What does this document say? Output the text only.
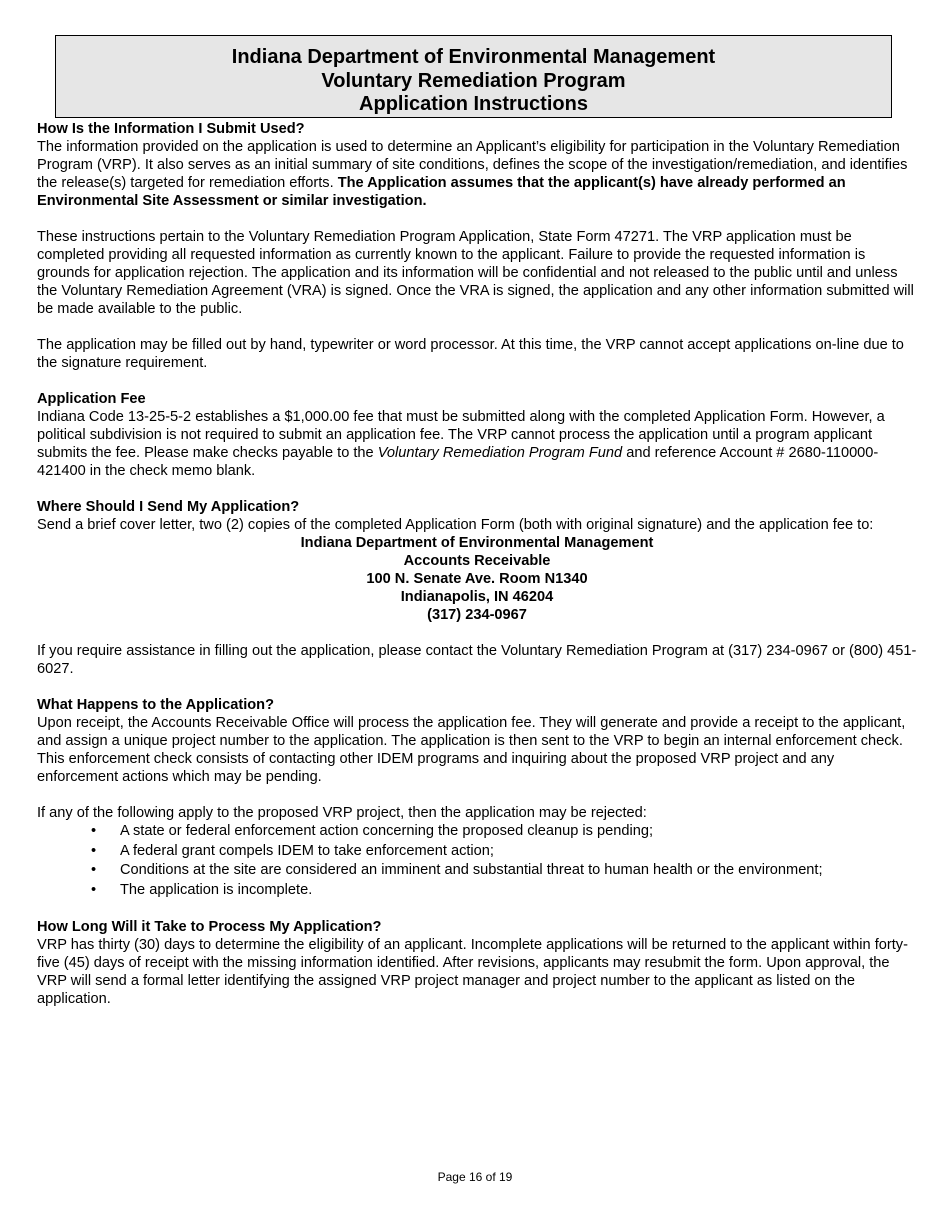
Indiana Department of Environmental Management
Voluntary Remediation Program
Application Instructions

How Is the Information I Submit Used?

The information provided on the application is used to determine an Applicant’s eligibility for participation in the Voluntary Remediation Program (VRP). It also serves as an initial summary of site conditions, defines the scope of the investigation/remediation, and identifies the release(s) targeted for remediation efforts. The Application assumes that the applicant(s) have already performed an Environmental Site Assessment or similar investigation.

These instructions pertain to the Voluntary Remediation Program Application, State Form 47271. The VRP application must be completed providing all requested information as currently known to the applicant. Failure to provide the requested information is grounds for application rejection. The application and its information will be confidential and not released to the public until and unless the Voluntary Remediation Agreement (VRA) is signed. Once the VRA is signed, the application and any other information submitted will be made available to the public.

The application may be filled out by hand, typewriter or word processor. At this time, the VRP cannot accept applications on-line due to the signature requirement.

Application Fee

Indiana Code 13-25-5-2 establishes a $1,000.00 fee that must be submitted along with the completed Application Form. However, a political subdivision is not required to submit an application fee. The VRP cannot process the application until a program applicant submits the fee. Please make checks payable to the Voluntary Remediation Program Fund and reference Account # 2680-110000-421400 in the check memo blank.

Where Should I Send My Application?

Send a brief cover letter, two (2) copies of the completed Application Form (both with original signature) and the application fee to:

Indiana Department of Environmental Management
Accounts Receivable
100 N. Senate Ave. Room N1340
Indianapolis, IN 46204
(317) 234-0967

If you require assistance in filling out the application, please contact the Voluntary Remediation Program at (317) 234-0967 or (800) 451-6027.

What Happens to the Application?

Upon receipt, the Accounts Receivable Office will process the application fee. They will generate and provide a receipt to the applicant, and assign a unique project number to the application. The application is then sent to the VRP to begin an internal enforcement check. This enforcement check consists of contacting other IDEM programs and inquiring about the proposed VRP project and any enforcement actions which may be pending.

If any of the following apply to the proposed VRP project, then the application may be rejected:

• A state or federal enforcement action concerning the proposed cleanup is pending;
• A federal grant compels IDEM to take enforcement action;
• Conditions at the site are considered an imminent and substantial threat to human health or the environment;
• The application is incomplete.

How Long Will it Take to Process My Application?

VRP has thirty (30) days to determine the eligibility of an applicant. Incomplete applications will be returned to the applicant within forty-five (45) days of receipt with the missing information identified. After revisions, applicants may resubmit the form. Upon approval, the VRP will send a formal letter identifying the assigned VRP project manager and project number to the applicant as listed on the application.

Page 16 of 19
